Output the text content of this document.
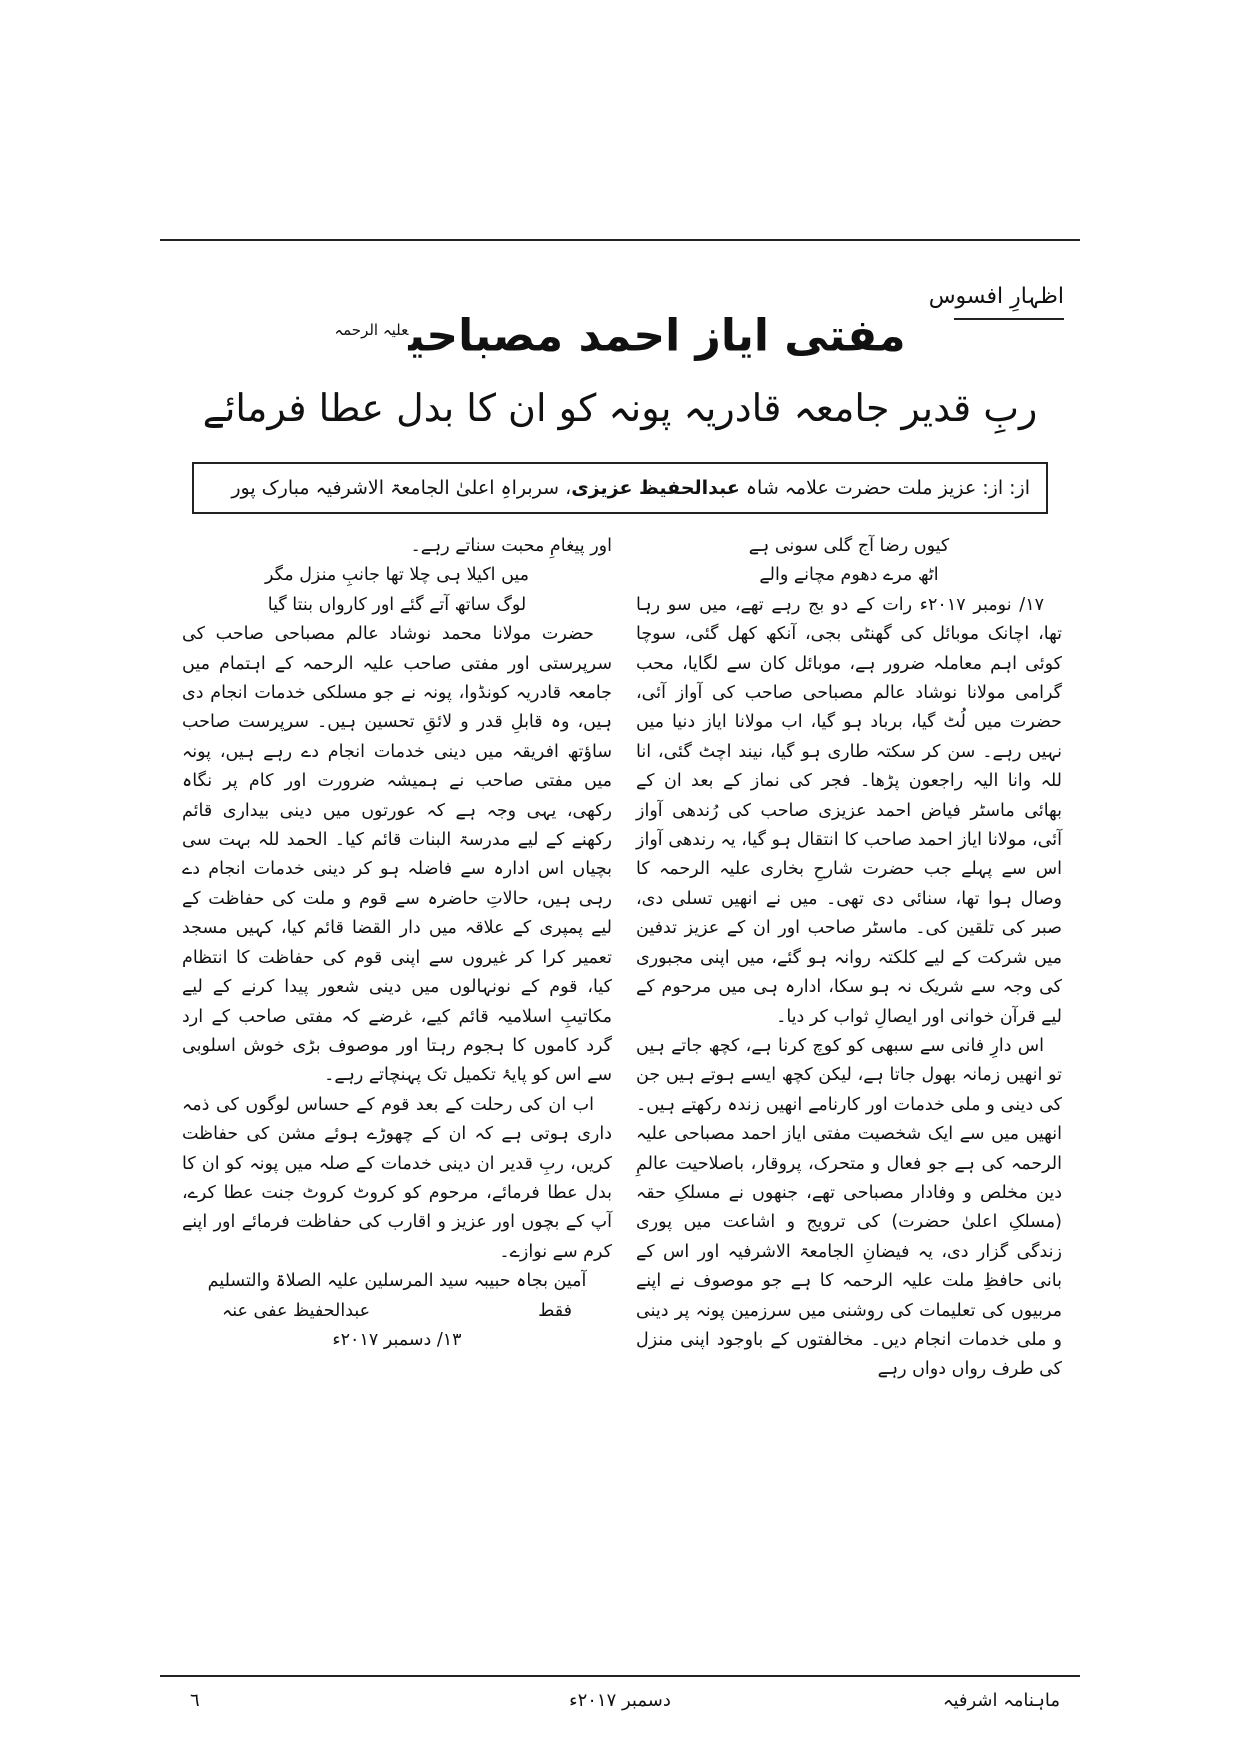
اظہارِ افسوس
مفتی ایاز احمد مصباحی$^{علیہ الرحمہ}$
ربِ قدیر جامعہ قادریہ پونہ کو ان کا بدل عطا فرمائے
از: از: عزیز ملت حضرت علامہ شاہ عبدالحفیظ عزیزی، سربراہِ اعلیٰ الجامعۃ الاشرفیہ مبارک پور

کیوں رضا آج گلی سونی ہے

اٹھ مرے دھوم مچانے والے

۱۷/ نومبر ۲۰۱۷ء رات کے دو بج رہے تھے، میں سو رہا تھا، اچانک موبائل کی گھنٹی بجی، آنکھ کھل گئی، سوچا کوئی اہم معاملہ ضرور ہے، موبائل کان سے لگایا، محب گرامی مولانا نوشاد عالم مصباحی صاحب کی آواز آئی، حضرت میں لُٹ گیا، برباد ہو گیا، اب مولانا ایاز دنیا میں نہیں رہے۔ سن کر سکتہ طاری ہو گیا، نیند اچٹ گئی، انا للہ وانا الیہ راجعون پڑھا۔ فجر کی نماز کے بعد ان کے بھائی ماسٹر فیاض احمد عزیزی صاحب کی رُندھی آواز آئی، مولانا ایاز احمد صاحب کا انتقال ہو گیا، یہ رندھی آواز اس سے پہلے جب حضرت شارحِ بخاری علیہ الرحمہ کا وصال ہوا تھا، سنائی دی تھی۔ میں نے انھیں تسلی دی، صبر کی تلقین کی۔ ماسٹر صاحب اور ان کے عزیز تدفین میں شرکت کے لیے کلکتہ روانہ ہو گئے، میں اپنی مجبوری کی وجہ سے شریک نہ ہو سکا، ادارہ ہی میں مرحوم کے لیے قرآن خوانی اور ایصالِ ثواب کر دیا۔

اس دارِ فانی سے سبھی کو کوچ کرنا ہے، کچھ جاتے ہیں تو انھیں زمانہ بھول جاتا ہے، لیکن کچھ ایسے ہوتے ہیں جن کی دینی و ملی خدمات اور کارنامے انھیں زندہ رکھتے ہیں۔ انھیں میں سے ایک شخصیت مفتی ایاز احمد مصباحی علیہ الرحمہ کی ہے جو فعال و متحرک، پروقار، باصلاحیت عالمِ دین مخلص و وفادار مصباحی تھے، جنھوں نے مسلکِ حقہ (مسلکِ اعلیٰ حضرت) کی ترویج و اشاعت میں پوری زندگی گزار دی، یہ فیضانِ الجامعۃ الاشرفیہ اور اس کے بانی حافظِ ملت علیہ الرحمہ کا ہے جو موصوف نے اپنے مربیوں کی تعلیمات کی روشنی میں سرزمین پونہ پر دینی و ملی خدمات انجام دیں۔ مخالفتوں کے باوجود اپنی منزل کی طرف رواں دواں رہے

اور پیغامِ محبت سناتے رہے۔

میں اکیلا ہی چلا تھا جانبِ منزل مگر

لوگ ساتھ آتے گئے اور کارواں بنتا گیا

حضرت مولانا محمد نوشاد عالم مصباحی صاحب کی سرپرستی اور مفتی صاحب علیہ الرحمہ کے اہتمام میں جامعہ قادریہ کونڈوا، پونہ نے جو مسلکی خدمات انجام دی ہیں، وہ قابلِ قدر و لائقِ تحسین ہیں۔ سرپرست صاحب ساؤتھ افریقہ میں دینی خدمات انجام دے رہے ہیں، پونہ میں مفتی صاحب نے ہمیشہ ضرورت اور کام پر نگاہ رکھی، یہی وجہ ہے کہ عورتوں میں دینی بیداری قائم رکھنے کے لیے مدرسۃ البنات قائم کیا۔ الحمد للہ بہت سی بچیاں اس ادارہ سے فاضلہ ہو کر دینی خدمات انجام دے رہی ہیں، حالاتِ حاضرہ سے قوم و ملت کی حفاظت کے لیے پمپری کے علاقہ میں دار القضا قائم کیا، کہیں مسجد تعمیر کرا کر غیروں سے اپنی قوم کی حفاظت کا انتظام کیا، قوم کے نونہالوں میں دینی شعور پیدا کرنے کے لیے مکاتیبِ اسلامیہ قائم کیے، غرضے کہ مفتی صاحب کے ارد گرد کاموں کا ہجوم رہتا اور موصوف بڑی خوش اسلوبی سے اس کو پایۂ تکمیل تک پہنچاتے رہے۔

اب ان کی رحلت کے بعد قوم کے حساس لوگوں کی ذمہ داری ہوتی ہے کہ ان کے چھوڑے ہوئے مشن کی حفاظت کریں، ربِ قدیر ان دینی خدمات کے صلہ میں پونہ کو ان کا بدل عطا فرمائے، مرحوم کو کروٹ کروٹ جنت عطا کرے، آپ کے بچوں اور عزیز و اقارب کی حفاظت فرمائے اور اپنے کرم سے نوازے۔

آمین بجاہ حبیبہ سید المرسلین علیہ الصلاۃ والتسلیم

فقط
عبدالحفیظ عفی عنہ

۱۳/ دسمبر ۲۰۱۷ء

٦	دسمبر ۲۰۱۷ء	ماہنامہ اشرفیہ
